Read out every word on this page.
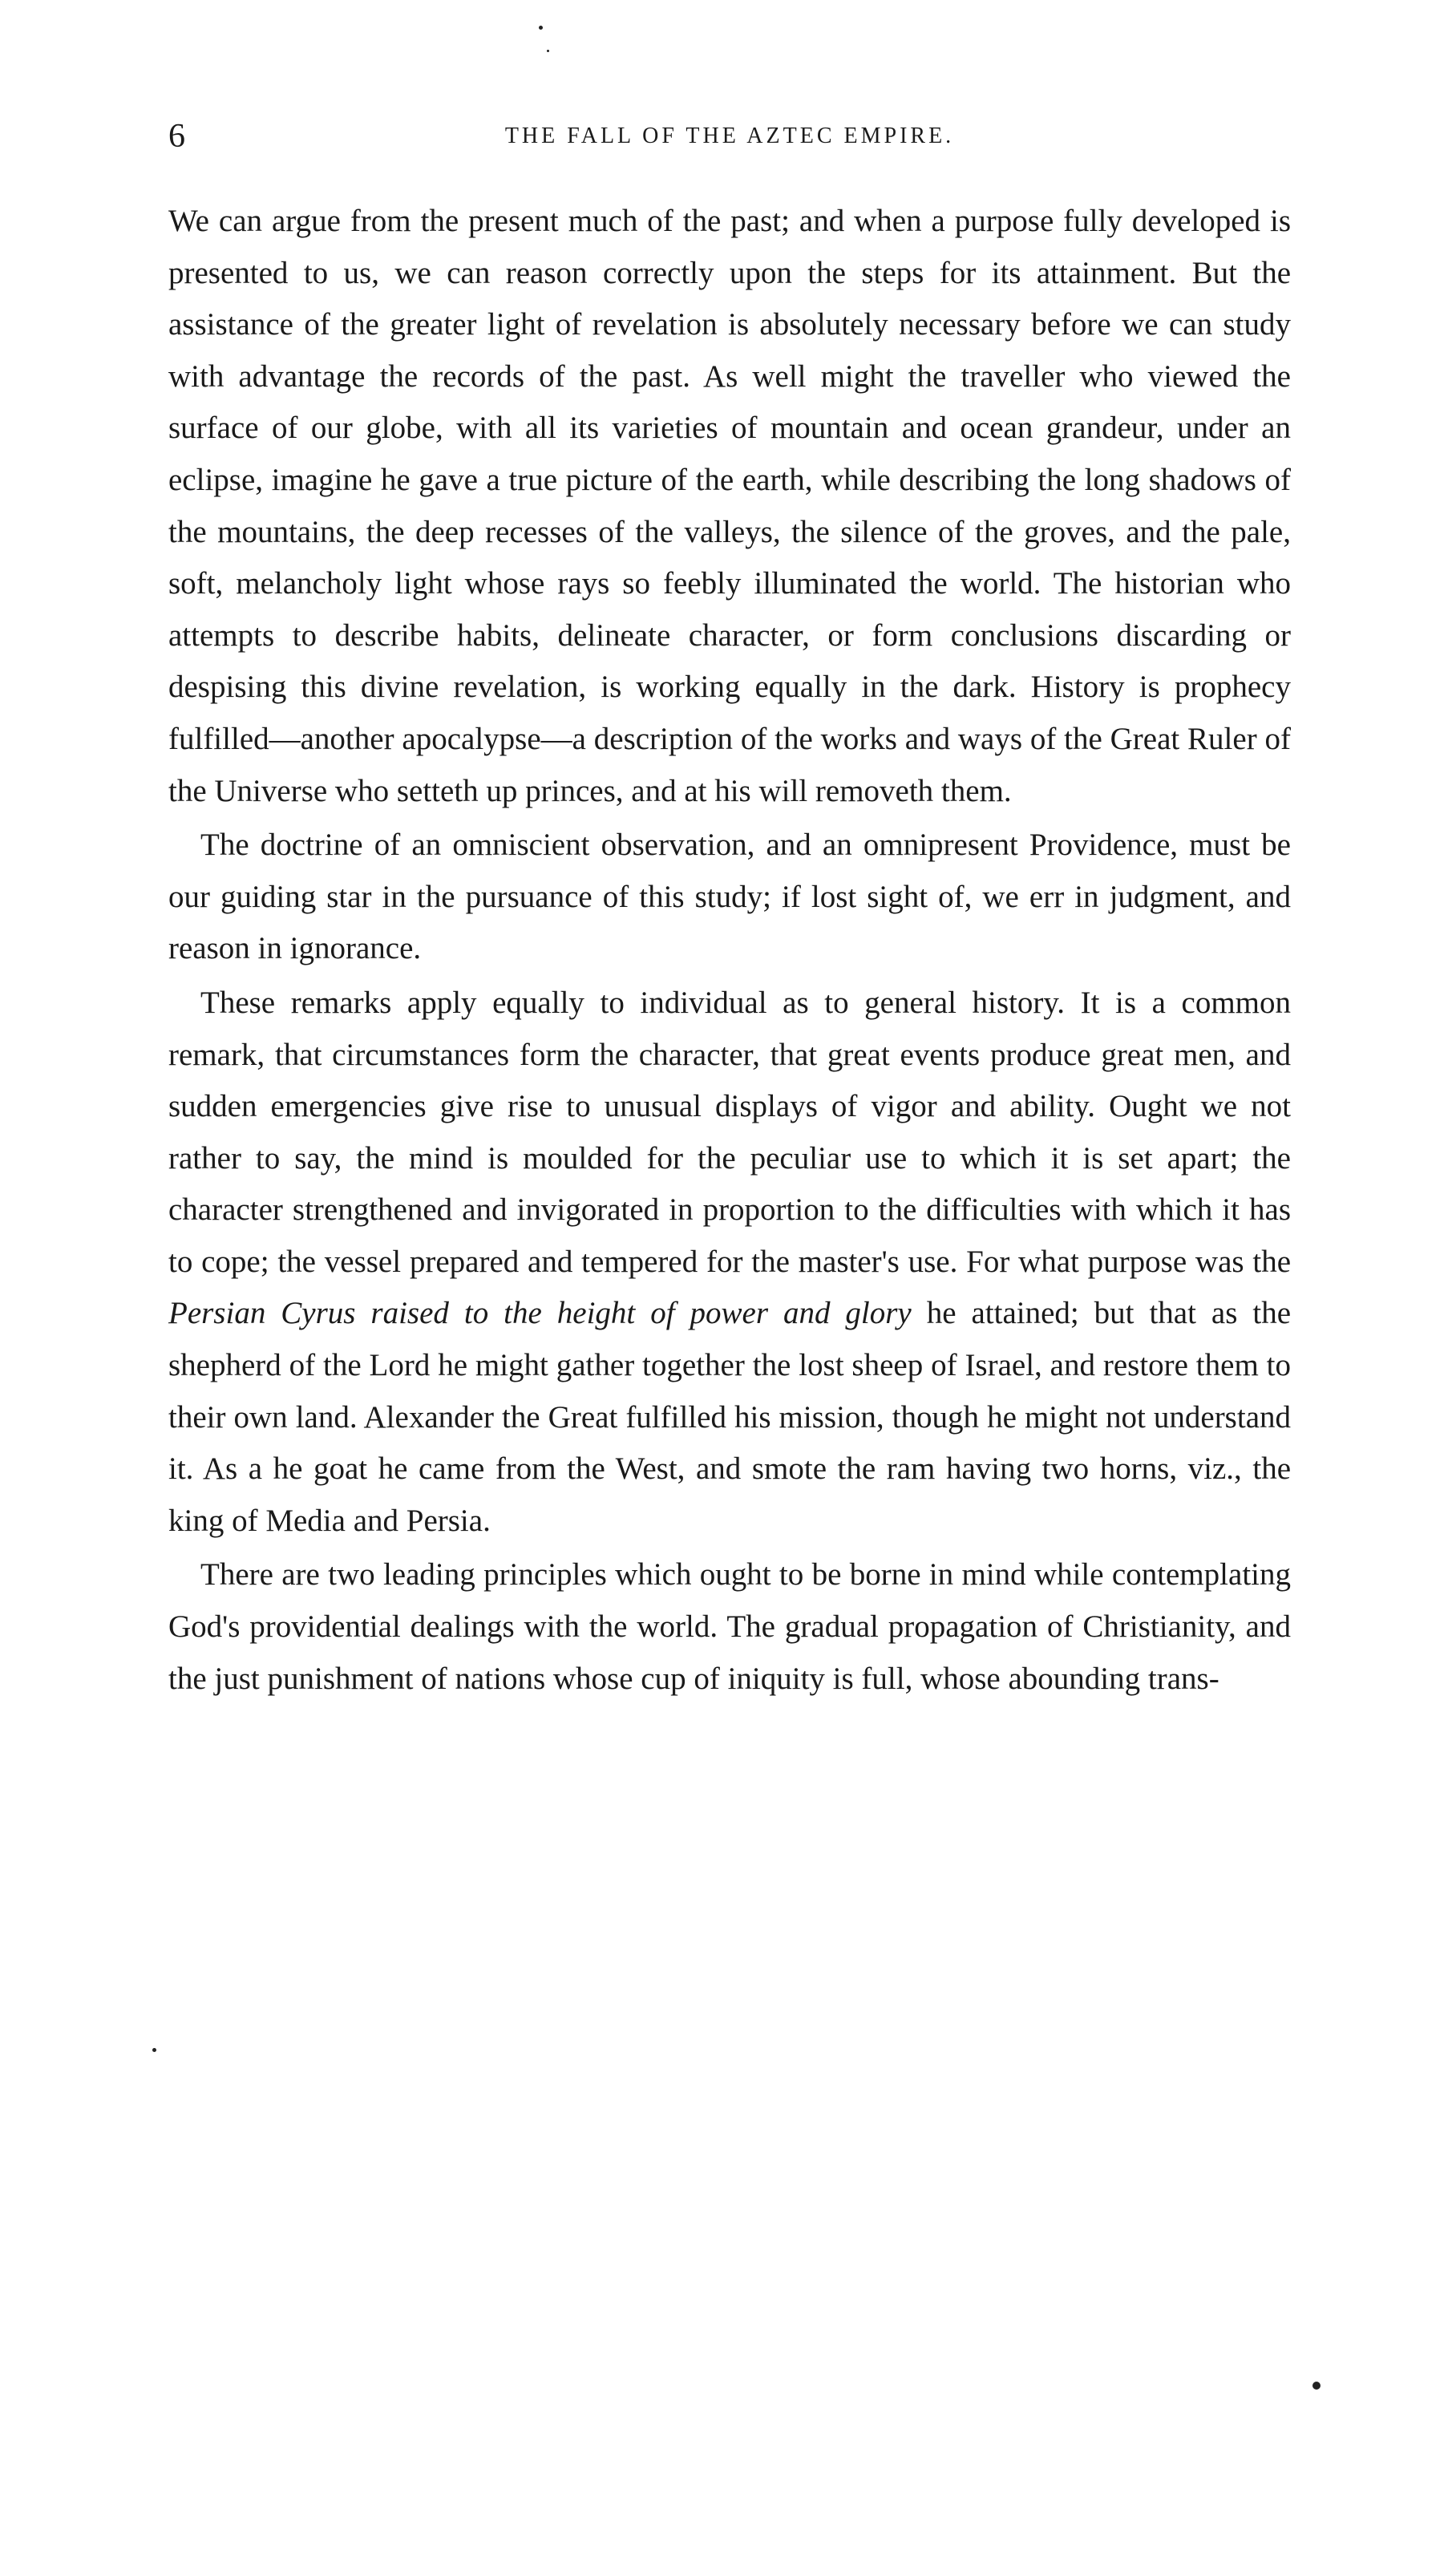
6	THE FALL OF THE AZTEC EMPIRE.

We can argue from the present much of the past; and when a purpose fully developed is presented to us, we can reason correctly upon the steps for its attainment. But the assistance of the greater light of revelation is absolutely necessary before we can study with advantage the records of the past. As well might the traveller who viewed the surface of our globe, with all its varieties of mountain and ocean grandeur, under an eclipse, imagine he gave a true picture of the earth, while describing the long shadows of the mountains, the deep recesses of the valleys, the silence of the groves, and the pale, soft, melancholy light whose rays so feebly illuminated the world. The historian who attempts to describe habits, delineate character, or form conclusions discarding or despising this divine revelation, is working equally in the dark. History is prophecy fulfilled—another apocalypse—a description of the works and ways of the Great Ruler of the Universe who setteth up princes, and at his will removeth them.

The doctrine of an omniscient observation, and an omnipresent Providence, must be our guiding star in the pursuance of this study; if lost sight of, we err in judgment, and reason in ignorance.

These remarks apply equally to individual as to general history. It is a common remark, that circumstances form the character, that great events produce great men, and sudden emergencies give rise to unusual displays of vigor and ability. Ought we not rather to say, the mind is moulded for the peculiar use to which it is set apart; the character strengthened and invigorated in proportion to the difficulties with which it has to cope; the vessel prepared and tempered for the master's use. For what purpose was the Persian Cyrus raised to the height of power and glory he attained; but that as the shepherd of the Lord he might gather together the lost sheep of Israel, and restore them to their own land. Alexander the Great fulfilled his mission, though he might not understand it. As a he goat he came from the West, and smote the ram having two horns, viz., the king of Media and Persia.

There are two leading principles which ought to be borne in mind while contemplating God's providential dealings with the world. The gradual propagation of Christianity, and the just punishment of nations whose cup of iniquity is full, whose abounding trans-
